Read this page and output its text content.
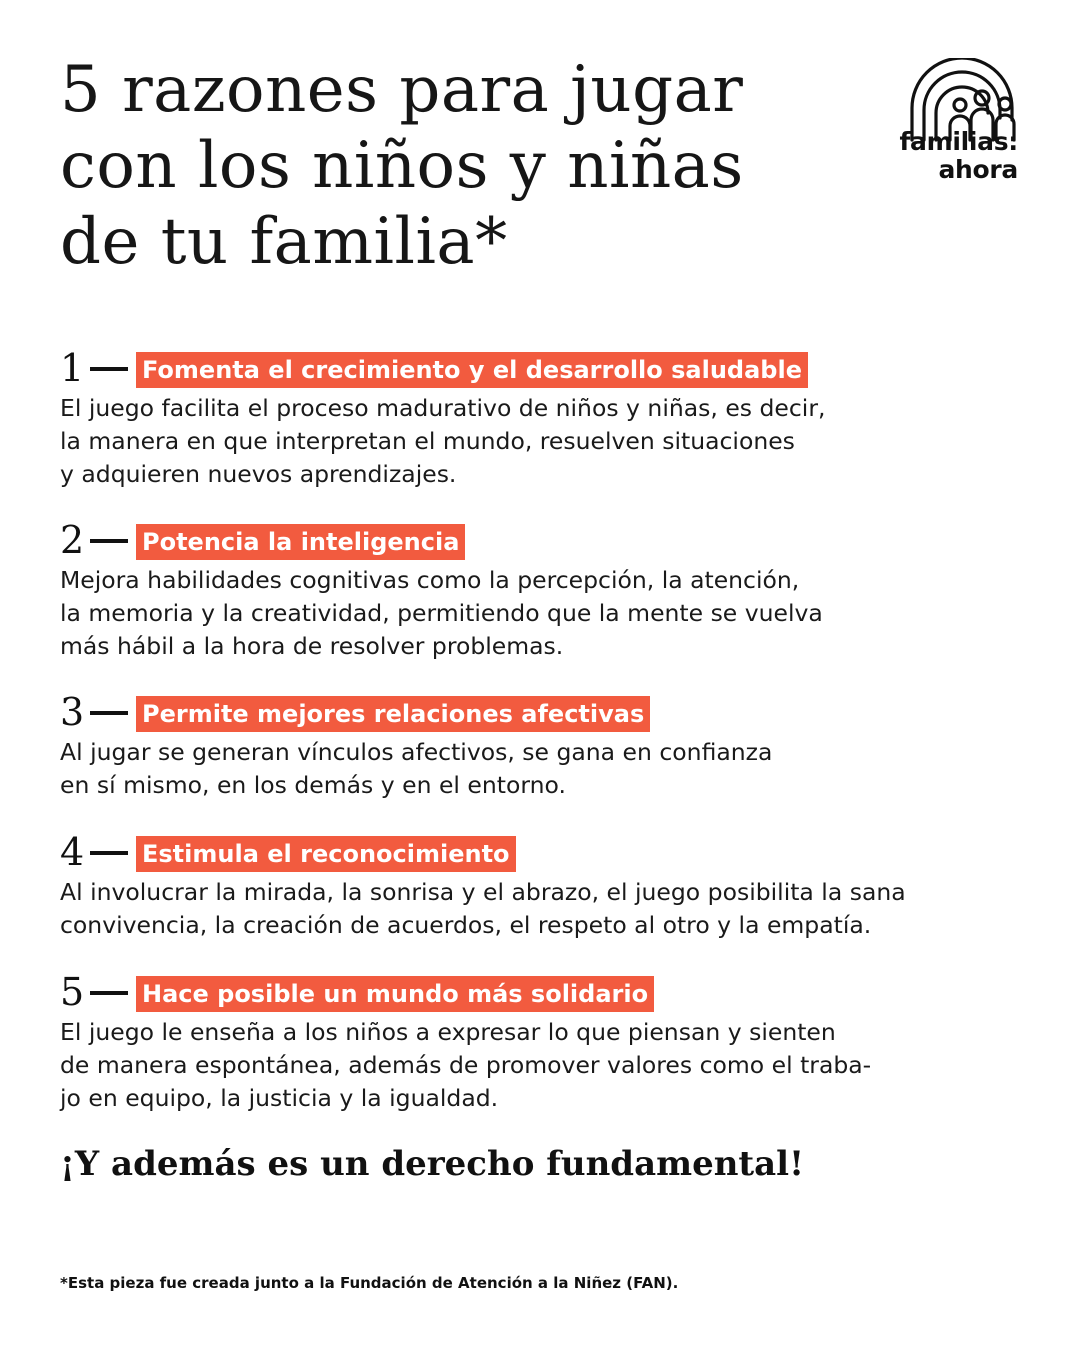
5 razones para jugar
con los niños y niñas
de tu familia*
familias:
ahora
1 Fomenta el crecimiento y el desarrollo saludable
El juego facilita el proceso madurativo de niños y niñas, es decir,
la manera en que interpretan el mundo, resuelven situaciones
y adquieren nuevos aprendizajes.
2 Potencia la inteligencia
Mejora habilidades cognitivas como la percepción, la atención,
la memoria y la creatividad, permitiendo que la mente se vuelva
más hábil a la hora de resolver problemas.
3 Permite mejores relaciones afectivas
Al jugar se generan vínculos afectivos, se gana en confianza
en sí mismo, en los demás y en el entorno.
4 Estimula el reconocimiento
Al involucrar la mirada, la sonrisa y el abrazo, el juego posibilita la sana
convivencia, la creación de acuerdos, el respeto al otro y la empatía.
5 Hace posible un mundo más solidario
El juego le enseña a los niños a expresar lo que piensan y sienten
de manera espontánea, además de promover valores como el traba-
jo en equipo, la justicia y la igualdad.

¡Y además es un derecho fundamental!

*Esta pieza fue creada junto a la Fundación de Atención a la Niñez (FAN).
